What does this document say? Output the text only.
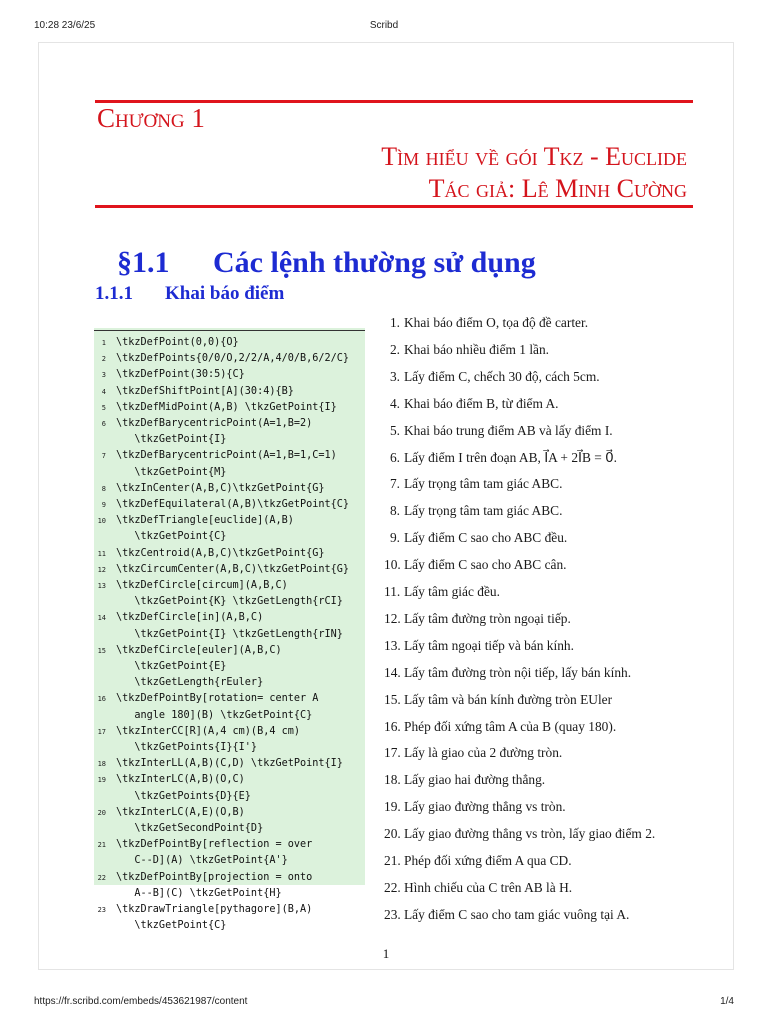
10:28 23/6/25	Scribd
Chương 1
Tìm hiểu về gói Tkz - Euclide
Tác giả: Lê Minh Cường
§1.1 Các lệnh thường sử dụng
1.1.1 Khai báo điểm
1 \tkzDefPoint(0,0){O}
2 \tkzDefPoints{0/0/O,2/2/A,4/0/B,6/2/C}
3 \tkzDefPoint(30:5){C}
4 \tkzDefShiftPoint[A](30:4){B}
5 \tkzDefMidPoint(A,B) \tkzGetPoint{I}
6 \tkzDefBarycentricPoint(A=1,B=2)
\tkzGetPoint{I}
7 \tkzDefBarycentricPoint(A=1,B=1,C=1)
\tkzGetPoint{M}
8 \tkzInCenter(A,B,C)\tkzGetPoint{G}
9 \tkzDefEquilateral(A,B)\tkzGetPoint{C}
10 \tkzDefTriangle[euclide](A,B)
\tkzGetPoint{C}
11 \tkzCentroid(A,B,C)\tkzGetPoint{G}
12 \tkzCircumCenter(A,B,C)\tkzGetPoint{G}
13 \tkzDefCircle[circum](A,B,C)
\tkzGetPoint{K} \tkzGetLength{rCI}
14 \tkzDefCircle[in](A,B,C)
\tkzGetPoint{I} \tkzGetLength{rIN}
15 \tkzDefCircle[euler](A,B,C)
\tkzGetPoint{E}
\tkzGetLength{rEuler}
16 \tkzDefPointBy[rotation= center A
angle 180](B) \tkzGetPoint{C}
17 \tkzInterCC[R](A,4 cm)(B,4 cm)
\tkzGetPoints{I}{I'}
18 \tkzInterLL(A,B)(C,D) \tkzGetPoint{I}
19 \tkzInterLC(A,B)(O,C)
\tkzGetPoints{D}{E}
20 \tkzInterLC(A,E)(O,B)
\tkzGetSecondPoint{D}
21 \tkzDefPointBy[reflection = over
C--D](A) \tkzGetPoint{A'}
22 \tkzDefPointBy[projection = onto
A--B](C) \tkzGetPoint{H}
23 \tkzDrawTriangle[pythagore](B,A)
\tkzGetPoint{C}
1. Khai báo điểm O, tọa độ đề carter.
2. Khai báo nhiều điểm 1 lần.
3. Lấy điểm C, chếch 30 độ, cách 5cm.
4. Khai báo điểm B, từ điểm A.
5. Khai báo trung điểm AB và lấy điểm I.
6. Lấy điểm I trên đoạn AB, I⃗A + 2I⃗B = 0⃗.
7. Lấy trọng tâm tam giác ABC.
8. Lấy trọng tâm tam giác ABC.
9. Lấy điểm C sao cho ABC đều.
10. Lấy điểm C sao cho ABC cân.
11. Lấy tâm giác đều.
12. Lấy tâm đường tròn ngoại tiếp.
13. Lấy tâm ngoại tiếp và bán kính.
14. Lấy tâm đường tròn nội tiếp, lấy bán kính.
15. Lấy tâm và bán kính đường tròn EUler
16. Phép đối xứng tâm A của B (quay 180).
17. Lấy là giao của 2 đường tròn.
18. Lấy giao hai đường thẳng.
19. Lấy giao đường thẳng vs tròn.
20. Lấy giao đường thẳng vs tròn, lấy giao điểm 2.
21. Phép đối xứng điểm A qua CD.
22. Hình chiếu của C trên AB là H.
23. Lấy điểm C sao cho tam giác vuông tại A.
1
https://fr.scribd.com/embeds/453621987/content	1/4
